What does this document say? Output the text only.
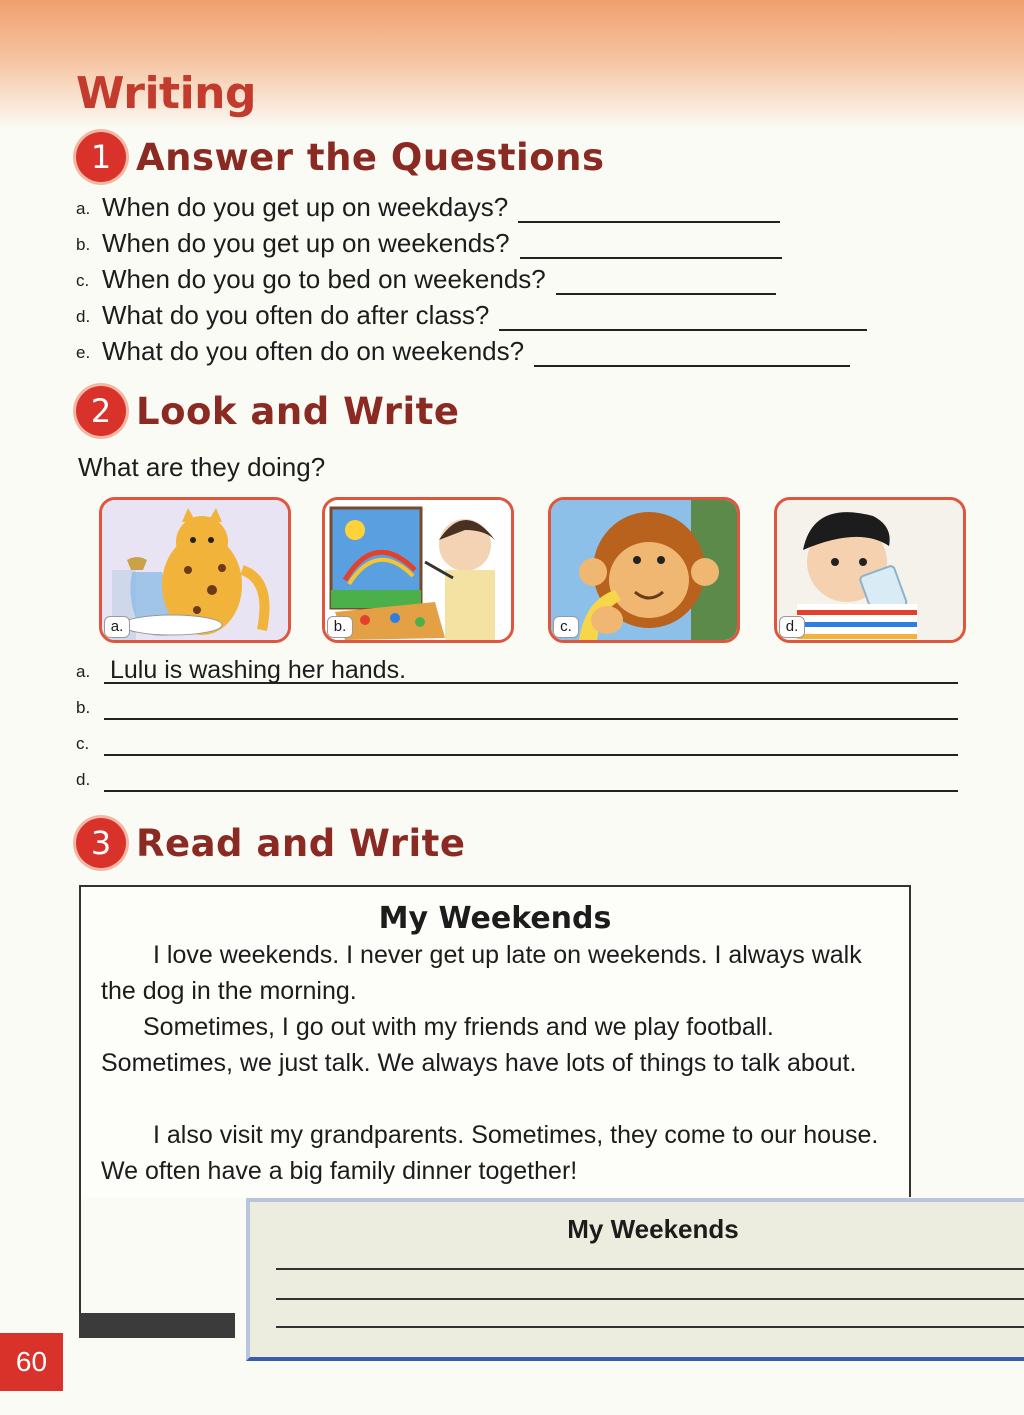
Writing
1 Answer the Questions
a. When do you get up on weekdays?
b. When do you get up on weekends?
c. When do you go to bed on weekends?
d. What do you often do after class?
e. What do you often do on weekends?
2 Look and Write
What are they doing?
a.	b.	c.	d.
a. Lulu is washing her hands.
b.
c.
d.
3 Read and Write
My Weekends

I love weekends. I never get up late on weekends. I always walk the dog in the morning.

Sometimes, I go out with my friends and we play football. Sometimes, we just talk. We always have lots of things to talk about.

I also visit my grandparents. Sometimes, they come to our house. We often have a big family dinner together!

My Weekends
60
